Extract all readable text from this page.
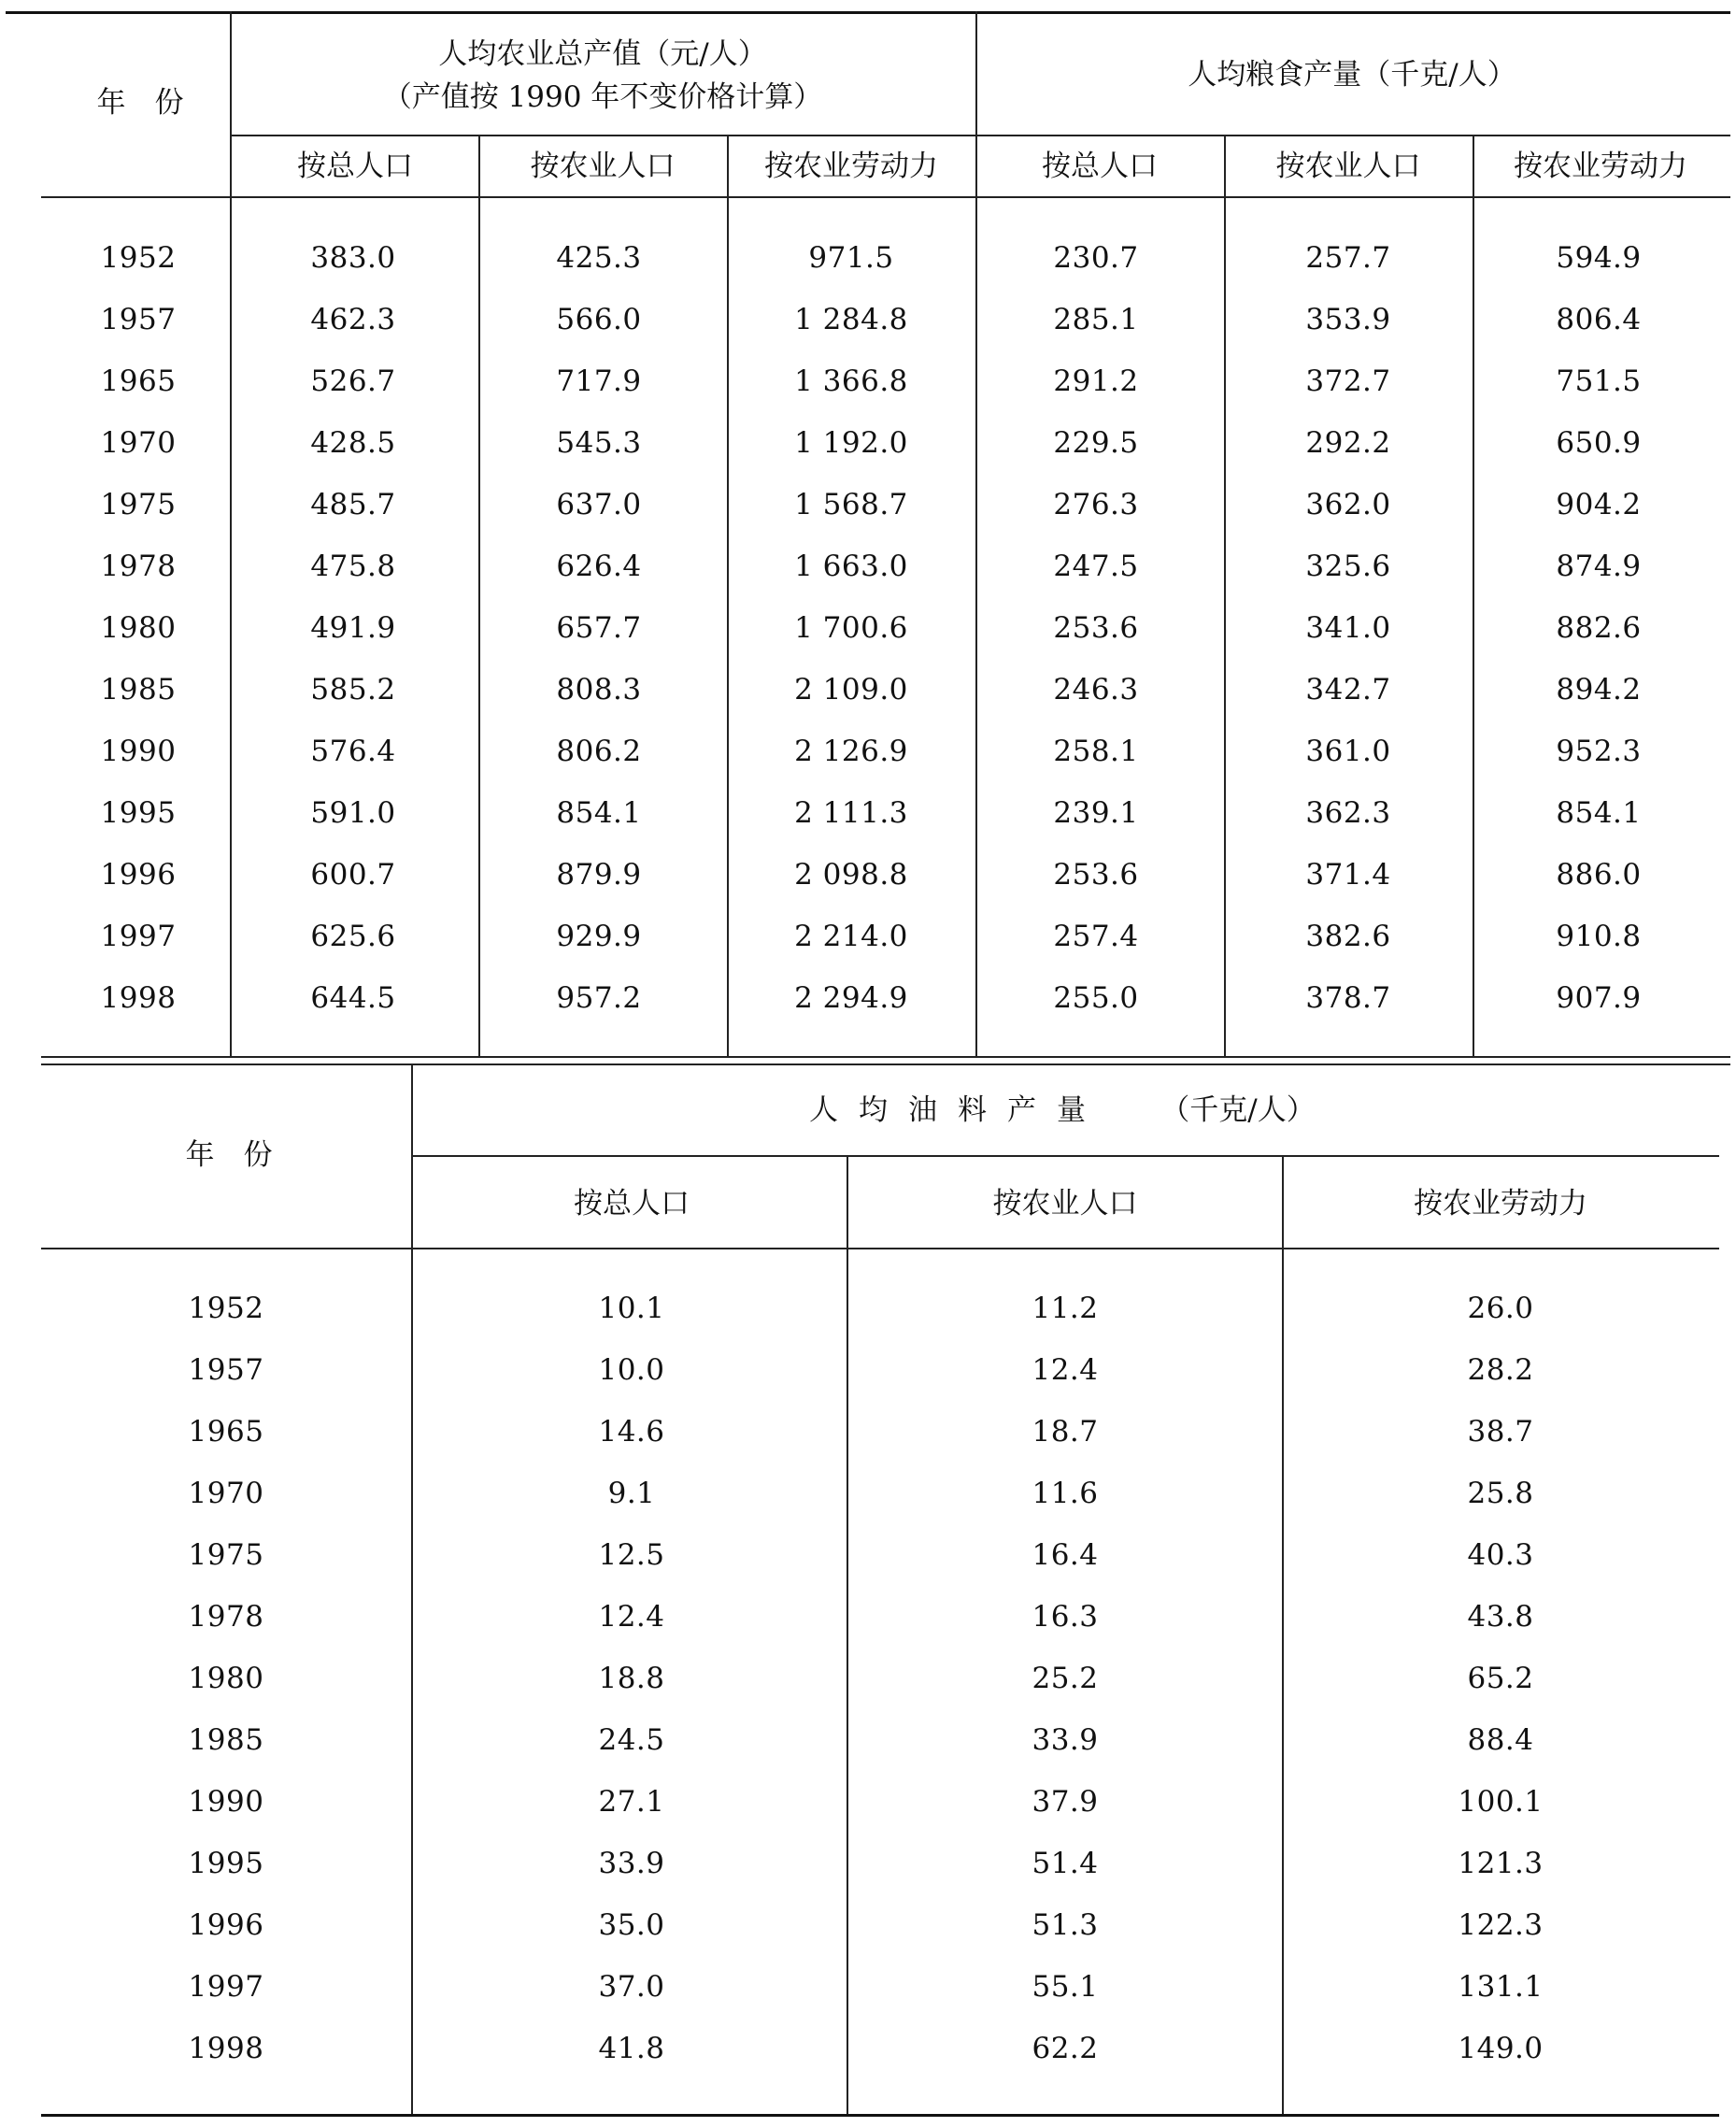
年　份
人均农业总产值（元/人）
（产值按 1990 年不变价格计算）
人均粮食产量（千克/人）
按总人口	按农业人口	按农业劳动力	按总人口	按农业人口	按农业劳动力
1952	383.0	425.3	971.5	230.7	257.7	594.9
1957	462.3	566.0	1 284.8	285.1	353.9	806.4
1965	526.7	717.9	1 366.8	291.2	372.7	751.5
1970	428.5	545.3	1 192.0	229.5	292.2	650.9
1975	485.7	637.0	1 568.7	276.3	362.0	904.2
1978	475.8	626.4	1 663.0	247.5	325.6	874.9
1980	491.9	657.7	1 700.6	253.6	341.0	882.6
1985	585.2	808.3	2 109.0	246.3	342.7	894.2
1990	576.4	806.2	2 126.9	258.1	361.0	952.3
1995	591.0	854.1	2 111.3	239.1	362.3	854.1
1996	600.7	879.9	2 098.8	253.6	371.4	886.0
1997	625.6	929.9	2 214.0	257.4	382.6	910.8
1998	644.5	957.2	2 294.9	255.0	378.7	907.9
年　份
人均油料产量 （千克/人）
按总人口	按农业人口	按农业劳动力
1952	10.1	11.2	26.0
1957	10.0	12.4	28.2
1965	14.6	18.7	38.7
1970	9.1	11.6	25.8
1975	12.5	16.4	40.3
1978	12.4	16.3	43.8
1980	18.8	25.2	65.2
1985	24.5	33.9	88.4
1990	27.1	37.9	100.1
1995	33.9	51.4	121.3
1996	35.0	51.3	122.3
1997	37.0	55.1	131.1
1998	41.8	62.2	149.0
